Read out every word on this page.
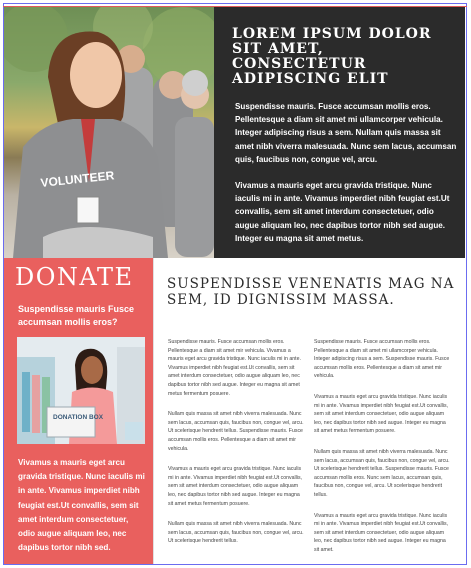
VOLUNTEER
LOREM IPSUM DOLOR SIT AMET, CONSECTETUR ADIPISCING ELIT
Suspendisse mauris. Fusce accumsan mollis eros. Pellentesque a diam sit amet mi ullamcorper vehicula. Integer adipiscing risus a sem. Nullam quis massa sit amet nibh viverra malesuada. Nunc sem lacus, accumsan quis, faucibus non, congue vel, arcu.
Vivamus a mauris eget arcu gravida tristique. Nunc iaculis mi in ante. Vivamus imperdiet nibh feugiat est.Ut convallis, sem sit amet interdum consectetuer, odio augue aliquam leo, nec dapibus tortor nibh sed augue. Integer eu magna sit amet metus.
DONATE
Suspendisse mauris Fusce accumsan mollis eros?
DONATION BOX
Vivamus a mauris eget arcu gravida tristique. Nunc iaculis mi in ante. Vivamus imperdiet nibh feugiat est.Ut convallis, sem sit amet interdum consectetuer, odio augue aliquam leo, nec dapibus tortor nibh sed.
SUSPENDISSE VENENATIS MAG NA SEM, ID DIGNISSIM MASSA.

Suspendisse mauris. Fusce accumsan mollis eros. Pellentesque a diam sit amet mir vehicula. Vivamus a mauris eget arcu gravida tristique. Nunc iaculis mi in ante. Vivamus imperdiet nibh feugiat est.Ut convallis, sem sit amet interdum consectetuer, odio augue aliquam leo, nec dapibus tortor nibh sed augue. Integer eu magna sit amet metus fermentum posuere.

Nullam quis massa sit amet nibh viverra malesuada. Nunc sem lacus, accumsan quis, faucibus non, congue vel, arcu. Ut scelerisque hendrerit tellus. Suspendisse mauris. Fusce accumsan mollis eros. Pellentesque a diam sit amet mir vehicula.

Vivamus a mauris eget arcu gravida tristique. Nunc iaculis mi in ante. Vivamus imperdiet nibh feugiat est.Ut convallis, sem sit amet interdum consectetuer, odio augue aliquam leo, nec dapibus tortor nibh sed augue. Integer eu magna sit amet metus fermentum posuere.

Nullam quis massa sit amet nibh viverra malesuada. Nunc sem lacus, accumsan quis, faucibus non, congue vel, arcu. Ut scelerisque hendrerit tellus.

Suspendisse mauris. Fusce accumsan mollis eros. Pellentesque a diam sit amet mi ullamcorper vehicula. Integer adipiscing risus a sem. Suspendisse mauris. Fusce accumsan mollis eros. Pellentesque a diam sit amet mir vehicula.

Vivamus a mauris eget arcu gravida tristique. Nunc iaculis mi in ante. Vivamus imperdiet nibh feugiat est.Ut convallis, sem sit amet interdum consectetuer, odio augue aliquam leo, nec dapibus tortor nibh sed augue. Integer eu magna sit amet metus fermentum posuere.

Nullam quis massa sit amet nibh viverra malesuada. Nunc sem lacus, accumsan quis, faucibus non, congue vel, arcu. Ut scelerisque hendrerit tellus. Suspendisse mauris. Fusce accumsan mollis eros. Nunc sem lacus, accumsan quis, faucibus non, congue vel, arcu. Ut scelerisque hendrerit tellus.

Vivamus a mauris eget arcu gravida tristique. Nunc iaculis mi in ante. Vivamus imperdiet nibh feugiat est.Ut convallis, sem sit amet interdum consectetuer, odio augue aliquam leo, nec dapibus tortor nibh sed augue. Integer eu magna sit amet.
